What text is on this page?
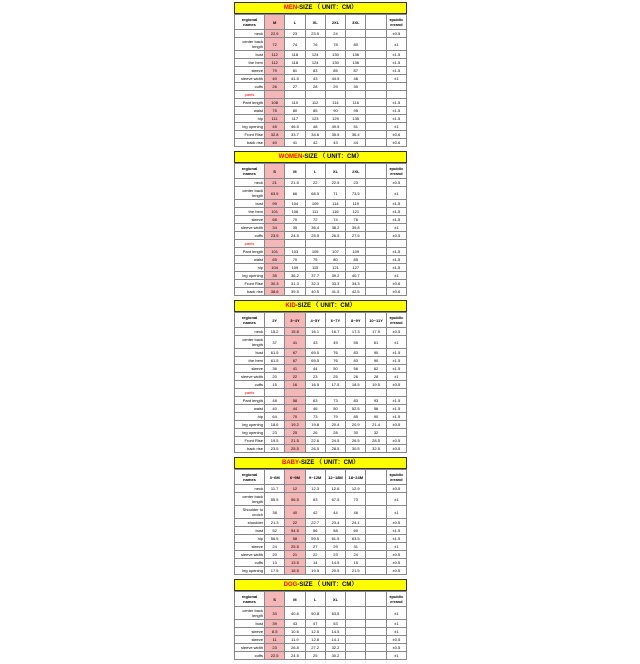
MEN -SIZE （ UNIT：CM）
regional names	M	L	XL	2XL	3XL		±public errand
neck	22.5	23	23.5	24			±0.5
center back length	72	74	76	78	80		±1
bust	112	118	124	130	136		±1.5
the hem	112	118	124	130	136		±1.5
sleeve	79	81	83	85	87		±1.5
sleeve width	40	41.5	43	44.5	46		±1
cuffs	26	27	28	29	30		
pants							
Pant length	108	110	112	114	116		±1.5
waist	75	80	85	90	95		±1.5
hip	111	117	123	129	135		±1.5
leg opening	45	46.5	48	49.5	51		±1
Front Rise	32.8	33.7	34.6	35.5	36.4		±0.6
back rise	40	41	42	43	44		±0.6
WOMEN -SIZE （ UNIT：CM）
regional names	S	M	L	XL	2XL		±public errand
neck	21	21.5	22	22.5	23		±0.5
center back length	63.5	66	68.5	71	73.5		±1
bust	99	104	109	114	119		±1.5
the hem	101	106	111	116	121		±1.5
sleeve	68	70	72	74	76		±1.5
sleeve width	34	35	36.4	38.2	39.8		±1
cuffs	23.5	24.5	25.5	26.5	27.5		±0.5
pants							
Pant length	101	103	105	107	109		±1.5
waist	65	70	75	80	85		±1.5
hip	104	109	115	121	127		±1.5
leg opening	35	36.2	37.7	39.2	40.7		±1
Front Rise	30.3	31.3	32.3	33.3	34.3		±0.6
back rise	38.6	39.5	40.5	41.5	42.5		±0.6
KID -SIZE （ UNIT：CM）
regional names	2Y	3~4Y	4~5Y	6~7Y	8~9Y	10~11Y	±public errand
neck	15.2	15.8	16.1	16.7	17.3	17.9	±0.5
center back length	37	41	43	49	55	61	±1
bust	61.5	67	69.5	76	83	90	±1.5
the hem	61.5	67	69.5	76	83	90	±1.5
sleeve	36	41	44	50	56	62	±1.5
sleeve width	20	22	23	25	26	28	±1
cuffs	15	16	16.5	17.5	18.5	19.5	±0.5
pants							
Pant length	48	58	63	73	83	93	±1.5
waist	40	44	46	50	52.5	56	±1.5
hip	64	70	73	79	85	90	±1.5
leg opening	18.6	19.2	19.8	20.4	20.9	21.4	±0.5
leg opening	23	25	26	28	30	32	
Front Rise	19.5	21.5	22.6	24.5	26.5	28.5	±0.5
back rise	23.5	25.5	26.5	28.5	30.5	32.5	±0.5
BABY -SIZE （ UNIT：CM）
regional names	3~6M	6~9M	9~12M	12~18M	18~24M		±public errand
neck	11.7	12	12.3	12.6	12.9		±0.5
center back length	55.5	56.5	63	67.5	73		±1
Shoulder to crotch	38	40	42	44	46		±1
shoulder	21.3	22	22.7	23.4	24.1		±0.5
bust	52	54.5	56	58	60		±1.5
hip	56.5	58	59.5	61.5	63.5		±1.5
sleeve	24	25.5	27	29	31		±1
sleeve width	20	21	22	23	24		±0.5
cuffs	13	13.5	14	14.5	15		±0.5
leg opening	17.5	18.5	19.5	20.5	21.5		±0.5
DOG -SIZE （ UNIT：CM）
regional names	S	M	L	XL			±public errand
center back length	33	40.6	50.8	63.5			±1
bust	39	43	47	53			±1
sleeve	8.5	10.6	12.5	14.5			±1
sleeve	11	11.9	12.8	14.1			±0.5
sleeve width	23	26.8	27.2	32.2			±0.5
cuffs	22.5	24.5	25	30.2			±1
